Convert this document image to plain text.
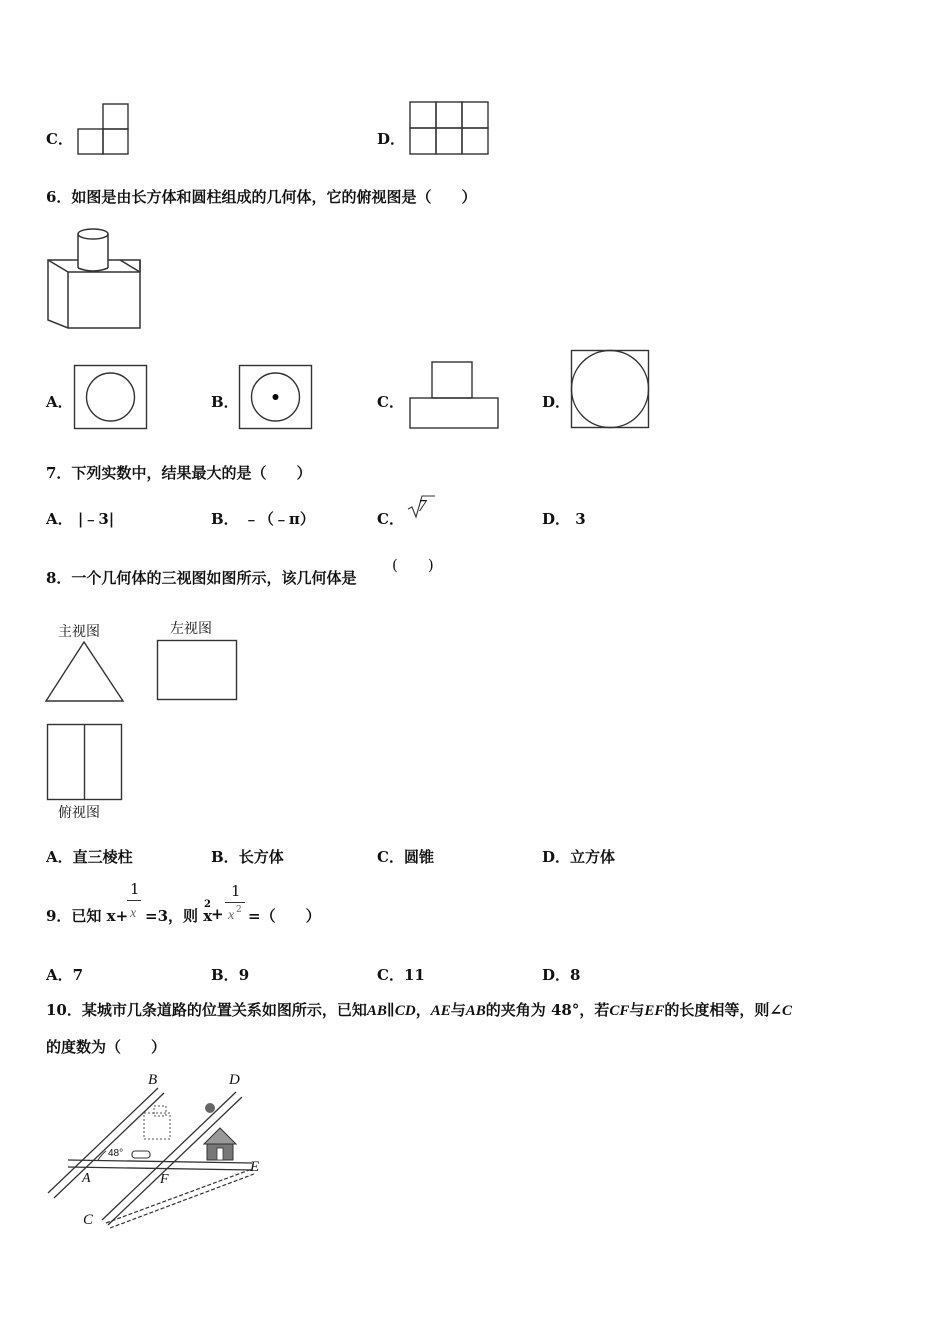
C．	D．
6．如图是由长方体和圆柱组成的几何体，它的俯视图是（　　）
A．	B．	C．	D．
7．下列实数中，结果最大的是（　　）
A． |﹣3|	B． ﹣（﹣π）	C．
7
D． 3
8．一个几何体的三视图如图所示，该几何体是
(　　)
主视图	左视图
俯视图
A．直三棱柱	B．长方体	C．圆锥	D．立方体
9．已知 x+
1
x =3，则 x
2
+
1
x 2 =（　　）
A．7	B．9	C．11	D．8
10．某城市几条道路的位置关系如图所示，已知AB∥CD，AE与AB的夹角为 48°，若CF与EF的长度相等，则∠C
的度数为（　　）
B	D
48°
A	F
E
C
